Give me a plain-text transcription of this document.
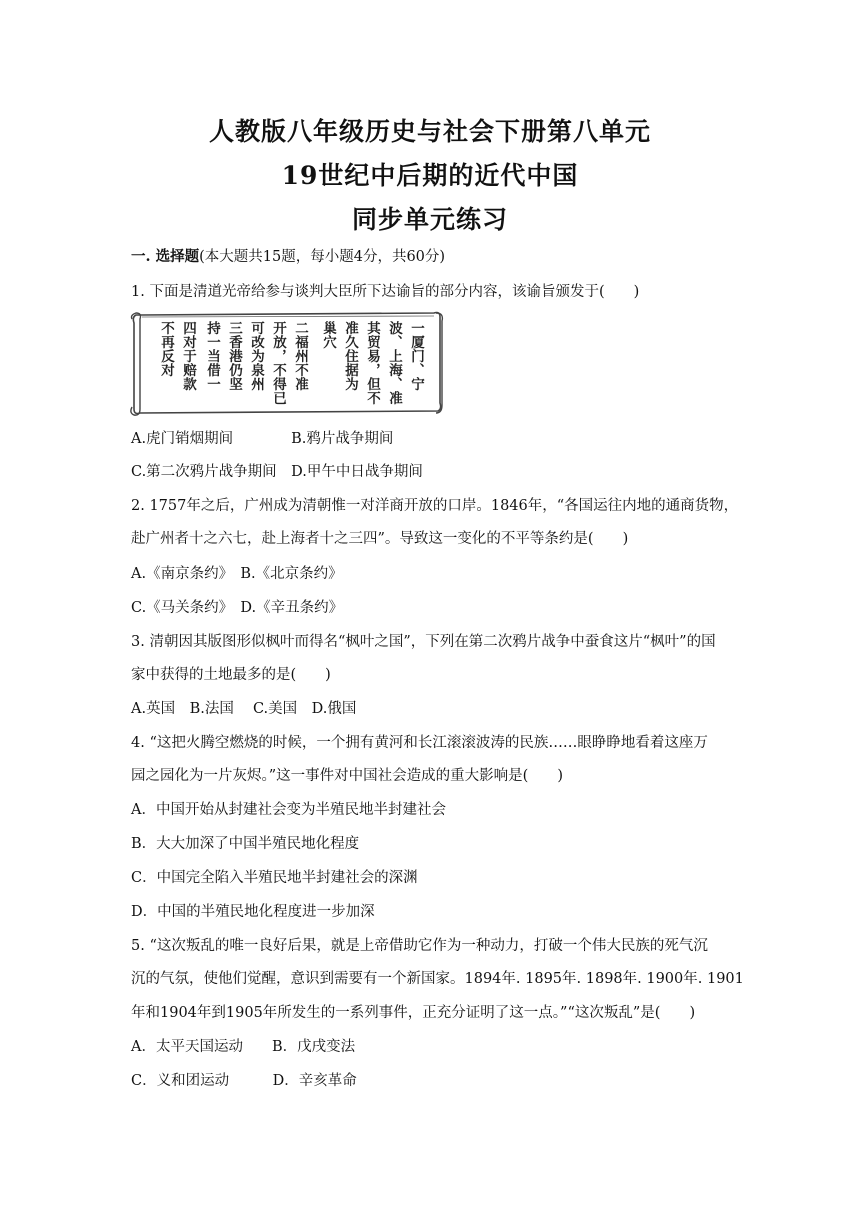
人教版八年级历史与社会下册第八单元
19世纪中后期的近代中国
同步单元练习
一. 选择题(本大题共15题，每小题4分，共60分)
1. 下面是清道光帝给参与谈判大臣所下达谕旨的部分内容，该谕旨颁发于(　　)
一厦门、宁
波、上海、准
其贸易，但不
准久住据为
巢穴
二福州不准
开放，不得已
可改为泉州
三香港仍坚
持一当借一
四对于赔款
不再反对
A.虎门销烟期间　　　　B.鸦片战争期间
C.第二次鸦片战争期间　D.甲午中日战争期间
2. 1757年之后，广州成为清朝惟一对洋商开放的口岸。1846年，“各国运往内地的通商货物，
赴广州者十之六七，赴上海者十之三四”。导致这一变化的不平等条约是(　　)
A.《南京条约》　B.《北京条约》
C.《马关条约》　D.《辛丑条约》
3. 清朝因其版图形似枫叶而得名“枫叶之国”，下列在第二次鸦片战争中蚕食这片“枫叶”的国
家中获得的土地最多的是(　　)
A.英国　B.法国　 C.美国　D.俄国
4. “这把火腾空燃烧的时候，一个拥有黄河和长江滚滚波涛的民族……眼睁睁地看着这座万
园之园化为一片灰烬。”这一事件对中国社会造成的重大影响是(　　)
A．中国开始从封建社会变为半殖民地半封建社会
B．大大加深了中国半殖民地化程度
C．中国完全陷入半殖民地半封建社会的深渊
D．中国的半殖民地化程度进一步加深
5. “这次叛乱的唯一良好后果，就是上帝借助它作为一种动力，打破一个伟大民族的死气沉
沉的气氛，使他们觉醒，意识到需要有一个新国家。1894年. 1895年. 1898年. 1900年. 1901
年和1904年到1905年所发生的一系列事件，正充分证明了这一点。”“这次叛乱”是(　　)
A．太平天国运动　　B．戊戌变法
C．义和团运动　　　D．辛亥革命
